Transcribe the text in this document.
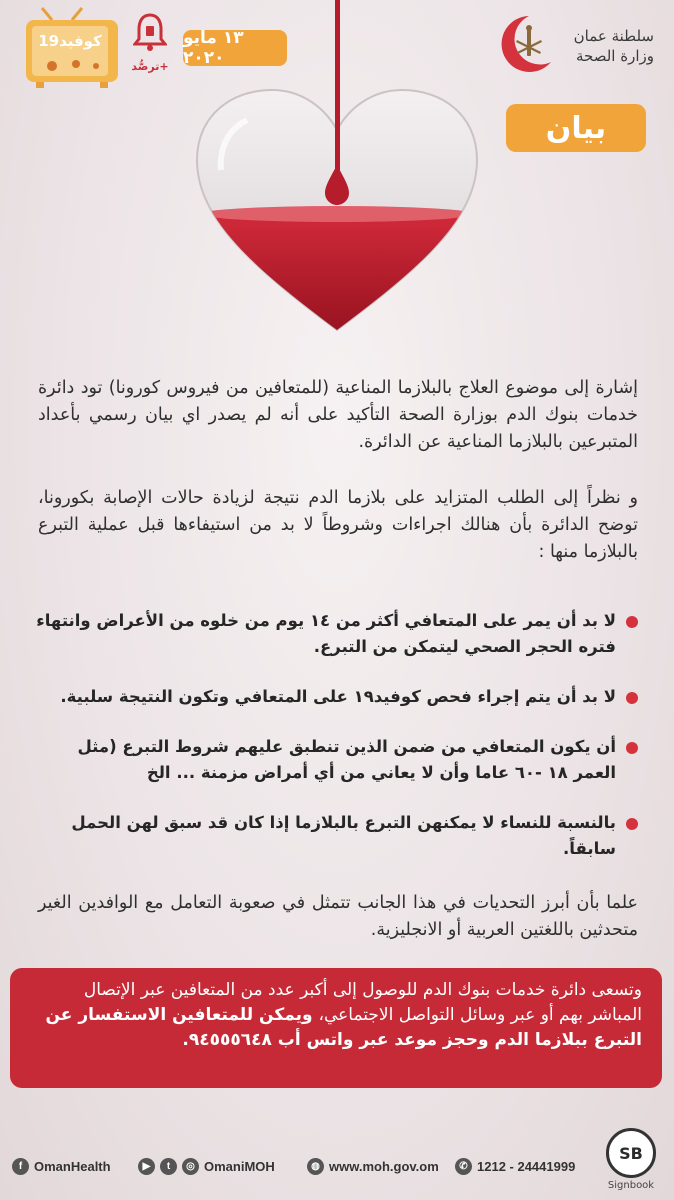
سلطنة عمان
وزارة الصحة
١٣ مايو ٢٠٢٠
ترصُّد+
كوفيد19
بيان
إشارة إلى موضوع العلاج بالبلازما المناعية (للمتعافين من فيروس كورونا) تود دائرة خدمات بنوك الدم بوزارة الصحة التأكيد على أنه لم يصدر اي بيان رسمي بأعداد المتبرعين بالبلازما المناعية عن الدائرة.
و نظراً إلى الطلب المتزايد على بلازما الدم نتيجة لزيادة حالات الإصابة بكورونا، توضح الدائرة بأن هنالك اجراءات وشروطاً لا بد من استيفاءها قبل عملية التبرع بالبلازما منها :
لا بد أن يمر على المتعافي أكثر من ١٤ يوم من خلوه من الأعراض وانتهاء فتره الحجر الصحي ليتمكن من التبرع.
لا بد أن يتم إجراء فحص كوفيد١٩ على المتعافي وتكون النتيجة سلبية.
أن يكون المتعافي من ضمن الذين تنطبق عليهم شروط التبرع (مثل العمر ١٨ -٦٠ عاما وأن لا يعاني من أي أمراض مزمنة ... الخ
بالنسبة للنساء لا يمكنهن التبرع بالبلازما إذا كان قد سبق لهن الحمل سابقاً.
علما بأن أبرز التحديات في هذا الجانب تتمثل في صعوبة التعامل مع الوافدين الغير متحدثين باللغتين العربية أو الانجليزية.
وتسعى دائرة خدمات بنوك الدم للوصول إلى أكبر عدد من المتعافين عبر الإتصال المباشر بهم أو عبر وسائل التواصل الاجتماعي، ويمكن للمتعافين الاستفسار عن التبرع ببلازما الدم وحجز موعد عبر واتس أب ٩٤٥٥٥٦٤٨.
f OmanHealth	▶	t	◎ OmaniMOH	◍ www.moh.gov.om	✆ 1212 - 24441999
SB
Signbook
